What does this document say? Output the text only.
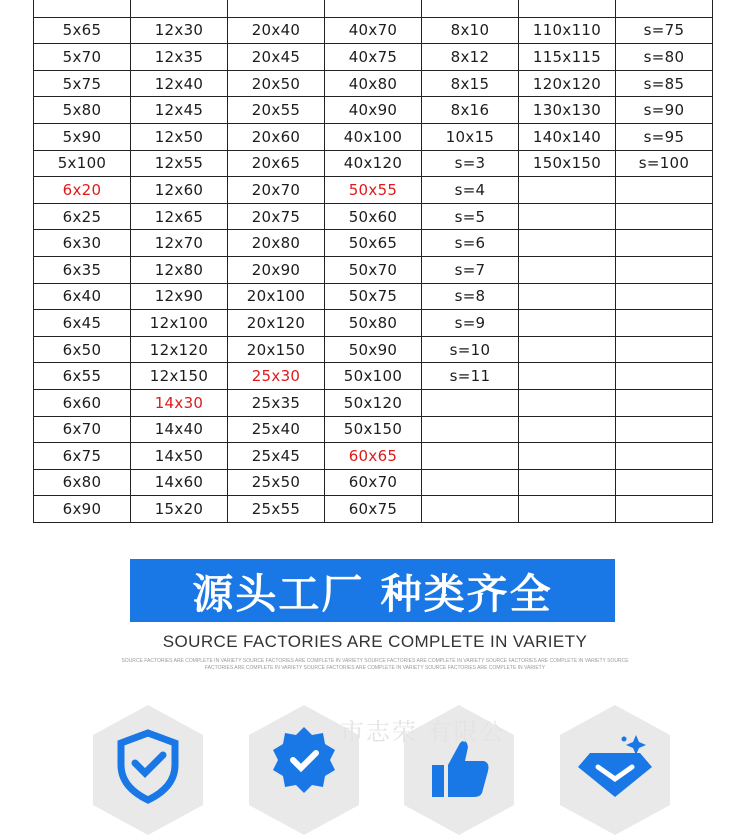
5x65	12x30	20x40	40x70	8x10	110x110	s=75
5x70	12x35	20x45	40x75	8x12	115x115	s=80
5x75	12x40	20x50	40x80	8x15	120x120	s=85
5x80	12x45	20x55	40x90	8x16	130x130	s=90
5x90	12x50	20x60	40x100	10x15	140x140	s=95
5x100	12x55	20x65	40x120	s=3	150x150	s=100
6x20	12x60	20x70	50x55	s=4		
6x25	12x65	20x75	50x60	s=5		
6x30	12x70	20x80	50x65	s=6		
6x35	12x80	20x90	50x70	s=7		
6x40	12x90	20x100	50x75	s=8		
6x45	12x100	20x120	50x80	s=9		
6x50	12x120	20x150	50x90	s=10		
6x55	12x150	25x30	50x100	s=11		
6x60	14x30	25x35	50x120			
6x70	14x40	25x40	50x150			
6x75	14x50	25x45	60x65			
6x80	14x60	25x50	60x70			
6x90	15x20	25x55	60x75			
源头工厂 种类齐全
SOURCE FACTORIES ARE COMPLETE IN VARIETY
SOURCE FACTORIES ARE COMPLETE IN VARIETY SOURCE FACTORIES ARE COMPLETE IN VARIETY SOURCE FACTORIES ARE COMPLETE IN VARIETY SOURCE FACTORIES ARE COMPLETE IN VARIETY SOURCE
FACTORIES ARE COMPLETE IN VARIETY SOURCE FACTORIES ARE COMPLETE IN VARIETY SOURCE FACTORIES ARE COMPLETE IN VARIETY
市志荣 有限公
